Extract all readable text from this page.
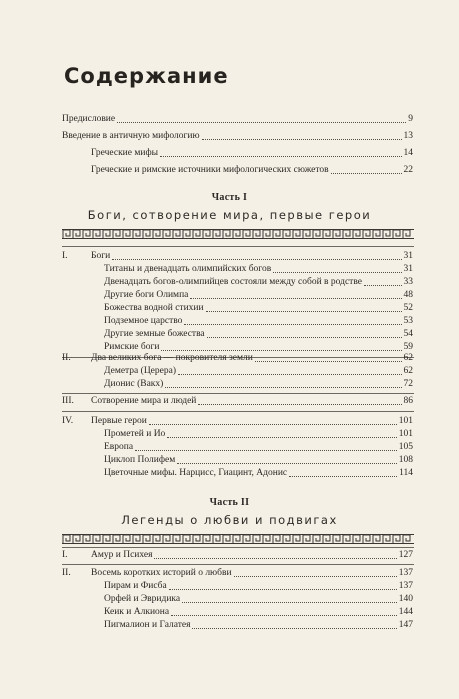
Содержание
Предисловие	9
Введение в античную мифологию	13
Греческие мифы	14
Греческие и римские источники мифологических сюжетов	22
Часть I
Боги, сотворение мира, первые герои
I.	Боги	31
Титаны и двенадцать олимпийских богов	31
Двенадцать богов-олимпийцев состояли между собой в родстве	33
Другие боги Олимпа	48
Божества водной стихии	52
Подземное царство	53
Другие земные божества	54
Римские боги	59
II.	Два великих бога — покровителя земли	62
Деметра (Церера)	62
Дионис (Вакх)	72
III.	Сотворение мира и людей	86
IV.	Первые герои	101
Прометей и Ио	101
Европа	105
Циклоп Полифем	108
Цветочные мифы. Нарцисс, Гиацинт, Адонис	114
Часть II
Легенды о любви и подвигах
I.	Амур и Психея	127
II.	Восемь коротких историй о любви	137
Пирам и Фисба	137
Орфей и Эвридика	140
Кеик и Алкиона	144
Пигмалион и Галатея	147
